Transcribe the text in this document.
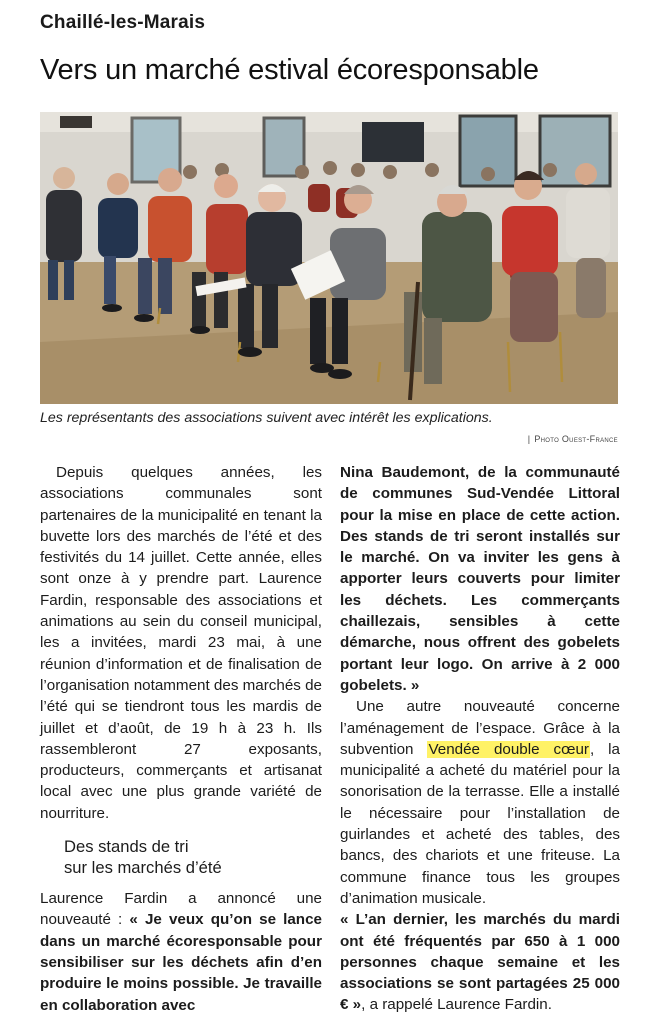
Chaillé-les-Marais
Vers un marché estival écoresponsable
Les représentants des associations suivent avec intérêt les explications.
| Photo Ouest-France

Depuis quelques années, les associations communales sont partenaires de la municipalité en tenant la buvette lors des marchés de l’été et des festivités du 14 juillet. Cette année, elles sont onze à y prendre part. Laurence Fardin, responsable des associations et animations au sein du conseil municipal, les a invitées, mardi 23 mai, à une réunion d’information et de finalisation de l’organisation notamment des marchés de l’été qui se tiendront tous les mardis de juillet et d’août, de 19 h à 23 h. Ils rassembleront 27 exposants, producteurs, commerçants et artisanat local avec une plus grande variété de nourriture.

Des stands de tri
sur les marchés d’été

Laurence Fardin a annoncé une nouveauté : « Je veux qu’on se lance dans un marché écoresponsable pour sensibiliser sur les déchets afin d’en produire le moins possible. Je travaille en collaboration avec

Nina Baudemont, de la communauté de communes Sud-Vendée Littoral pour la mise en place de cette action. Des stands de tri seront installés sur le marché. On va inviter les gens à apporter leurs couverts pour limiter les déchets. Les commerçants chaillezais, sensibles à cette démarche, nous offrent des gobelets portant leur logo. On arrive à 2 000 gobelets. »

Une autre nouveauté concerne l’aménagement de l’espace. Grâce à la subvention Vendée double cœur, la municipalité a acheté du matériel pour la sonorisation de la terrasse. Elle a installé le nécessaire pour l’installation de guirlandes et acheté des tables, des bancs, des chariots et une friteuse. La commune finance tous les groupes d’animation musicale.

« L’an dernier, les marchés du mardi ont été fréquentés par 650 à 1 000 personnes chaque semaine et les associations se sont partagées 25 000 € », a rappelé Laurence Fardin.
